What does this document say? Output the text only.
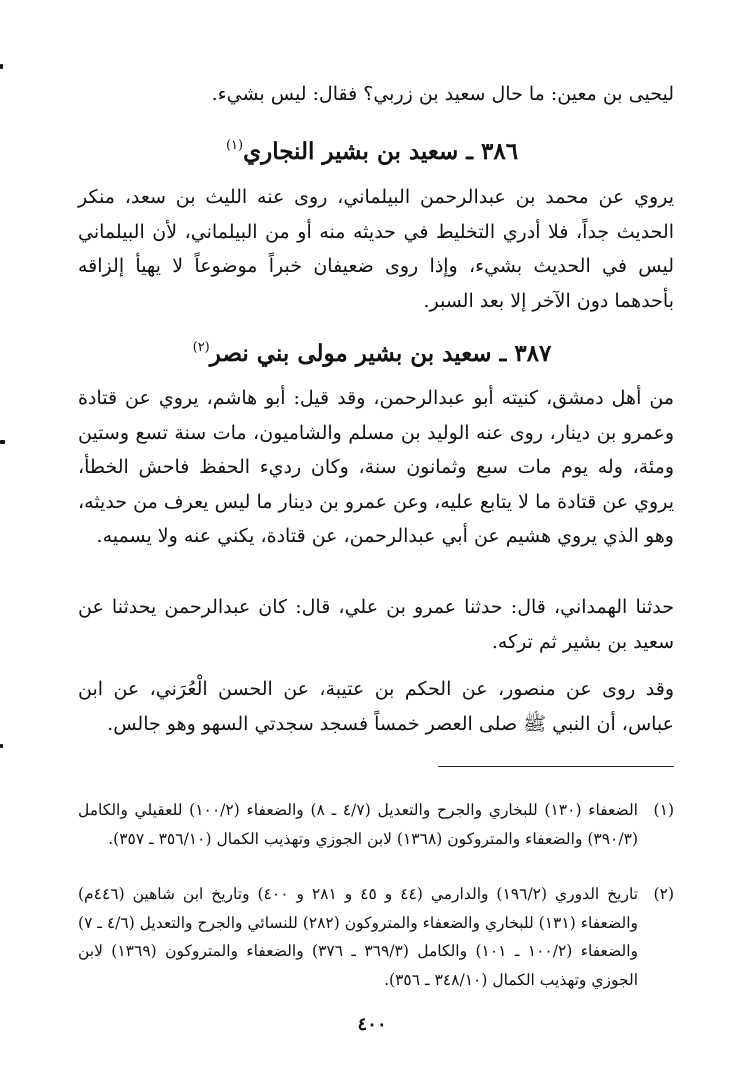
ليحيى بن معين: ما حال سعيد بن زربي؟ فقال: ليس بشيء.
٣٨٦ ـ سعيد بن بشير النجاري$^{(١)}$
يروي عن محمد بن عبدالرحمن البيلماني، روى عنه الليث بن سعد، منكر الحديث جداً، فلا أدري التخليط في حديثه منه أو من البيلماني، لأن البيلماني ليس في الحديث بشيء، وإذا روى ضعيفان خبراً موضوعاً لا يهيأ إلزاقه بأحدهما دون الآخر إلا بعد السبر.
٣٨٧ ـ سعيد بن بشير مولى بني نصر$^{(٢)}$
من أهل دمشق، كنيته أبو عبدالرحمن، وقد قيل: أبو هاشم، يروي عن قتادة وعمرو بن دينار، روى عنه الوليد بن مسلم والشاميون، مات سنة تسع وستين ومئة، وله يوم مات سبع وثمانون سنة، وكان رديء الحفظ فاحش الخطأ، يروي عن قتادة ما لا يتابع عليه، وعن عمرو بن دينار ما ليس يعرف من حديثه، وهو الذي يروي هشيم عن أبي عبدالرحمن، عن قتادة، يكني عنه ولا يسميه.
حدثنا الهمداني، قال: حدثنا عمرو بن علي، قال: كان عبدالرحمن يحدثنا عن سعيد بن بشير ثم تركه.
وقد روى عن منصور، عن الحكم بن عتيبة، عن الحسن الْعُرَني، عن ابن عباس، أن النبي ﷺ صلى العصر خمساً فسجد سجدتي السهو وهو جالس.
(١)
الضعفاء (١٣٠) للبخاري والجرح والتعديل (٤/٧ ـ ٨) والضعفاء (١٠٠/٢) للعقيلي والكامل (٣٩٠/٣) والضعفاء والمتروكون (١٣٦٨) لابن الجوزي وتهذيب الكمال (٣٥٦/١٠ ـ ٣٥٧).
(٢)
تاريخ الدوري (١٩٦/٢) والدارمي (٤٤ و ٤٥ و ٢٨١ و ٤٠٠) وتاريخ ابن شاهين (٤٤٦م) والضعفاء (١٣١) للبخاري والضعفاء والمتروكون (٢٨٢) للنسائي والجرح والتعديل (٤/٦ ـ ٧) والضعفاء (١٠٠/٢ ـ ١٠١) والكامل (٣٦٩/٣ ـ ٣٧٦) والضعفاء والمتروكون (١٣٦٩) لابن الجوزي وتهذيب الكمال (٣٤٨/١٠ ـ ٣٥٦).
٤٠٠
